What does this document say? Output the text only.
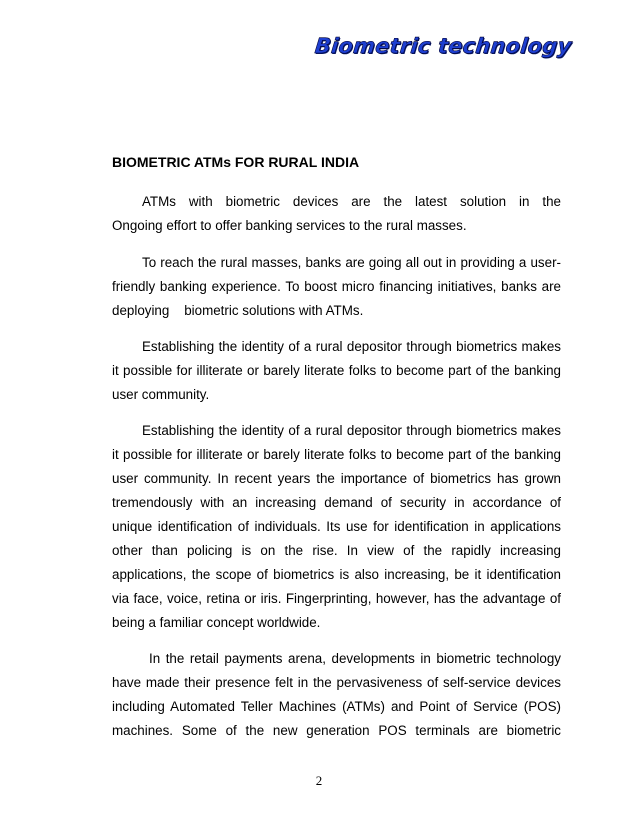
Biometric technology
BIOMETRIC ATMs FOR RURAL INDIA
ATMs with biometric devices are the latest solution in the
Ongoing effort to offer banking services to the rural masses.
To reach the rural masses, banks are going all out in providing a user-
friendly banking experience. To boost micro financing initiatives, banks are
deploying    biometric solutions with ATMs.
Establishing the identity of a rural depositor through biometrics makes
it possible for illiterate or barely literate folks to become part of the banking
user community.
Establishing the identity of a rural depositor through biometrics makes
it possible for illiterate or barely literate folks to become part of the banking
user community. In recent years the importance of biometrics has grown
tremendously with an increasing demand of security in accordance of
unique identification of individuals. Its use for identification in applications
other than policing is on the rise. In view of the rapidly increasing
applications, the scope of biometrics is also increasing, be it identification
via face, voice, retina or iris. Fingerprinting, however, has the advantage of
being a familiar concept worldwide.
In the retail payments arena, developments in biometric technology
have made their presence felt in the pervasiveness of self-service devices
including Automated Teller Machines (ATMs) and Point of Service (POS)
machines. Some of the new generation POS terminals are biometric
2
